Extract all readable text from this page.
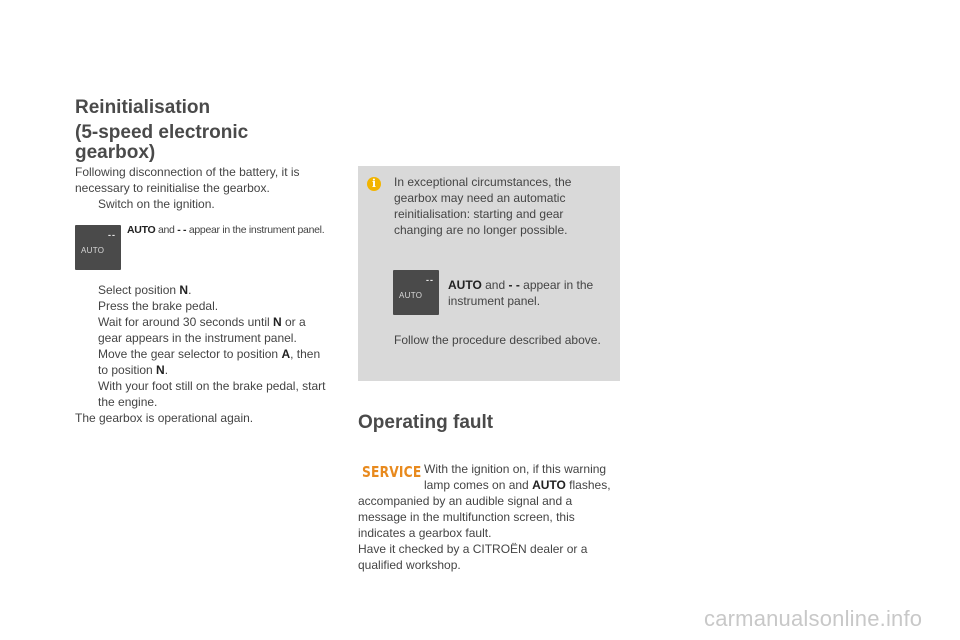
Reinitialisation
(5-speed electronic
gearbox)
Following disconnection of the battery, it is
necessary to reinitialise the gearbox.
Switch on the ignition.
--
AUTO
AUTO and - - appear in the instrument panel.
Select position N.
Press the brake pedal.
Wait for around 30 seconds until N or a
gear appears in the instrument panel.
Move the gear selector to position A, then
to position N.
With your foot still on the brake pedal, start
the engine.
The gearbox is operational again.
i	In exceptional circumstances, the
gearbox may need an automatic
reinitialisation: starting and gear
changing are no longer possible.
--
AUTO
AUTO and - - appear in the
instrument panel.
Follow the procedure described above.
Operating fault
SERVICE With the ignition on, if this warning
lamp comes on and AUTO flashes,
accompanied by an audible signal and a
message in the multifunction screen, this
indicates a gearbox fault.
Have it checked by a CITROËN dealer or a
qualified workshop.
carmanualsonline.info
